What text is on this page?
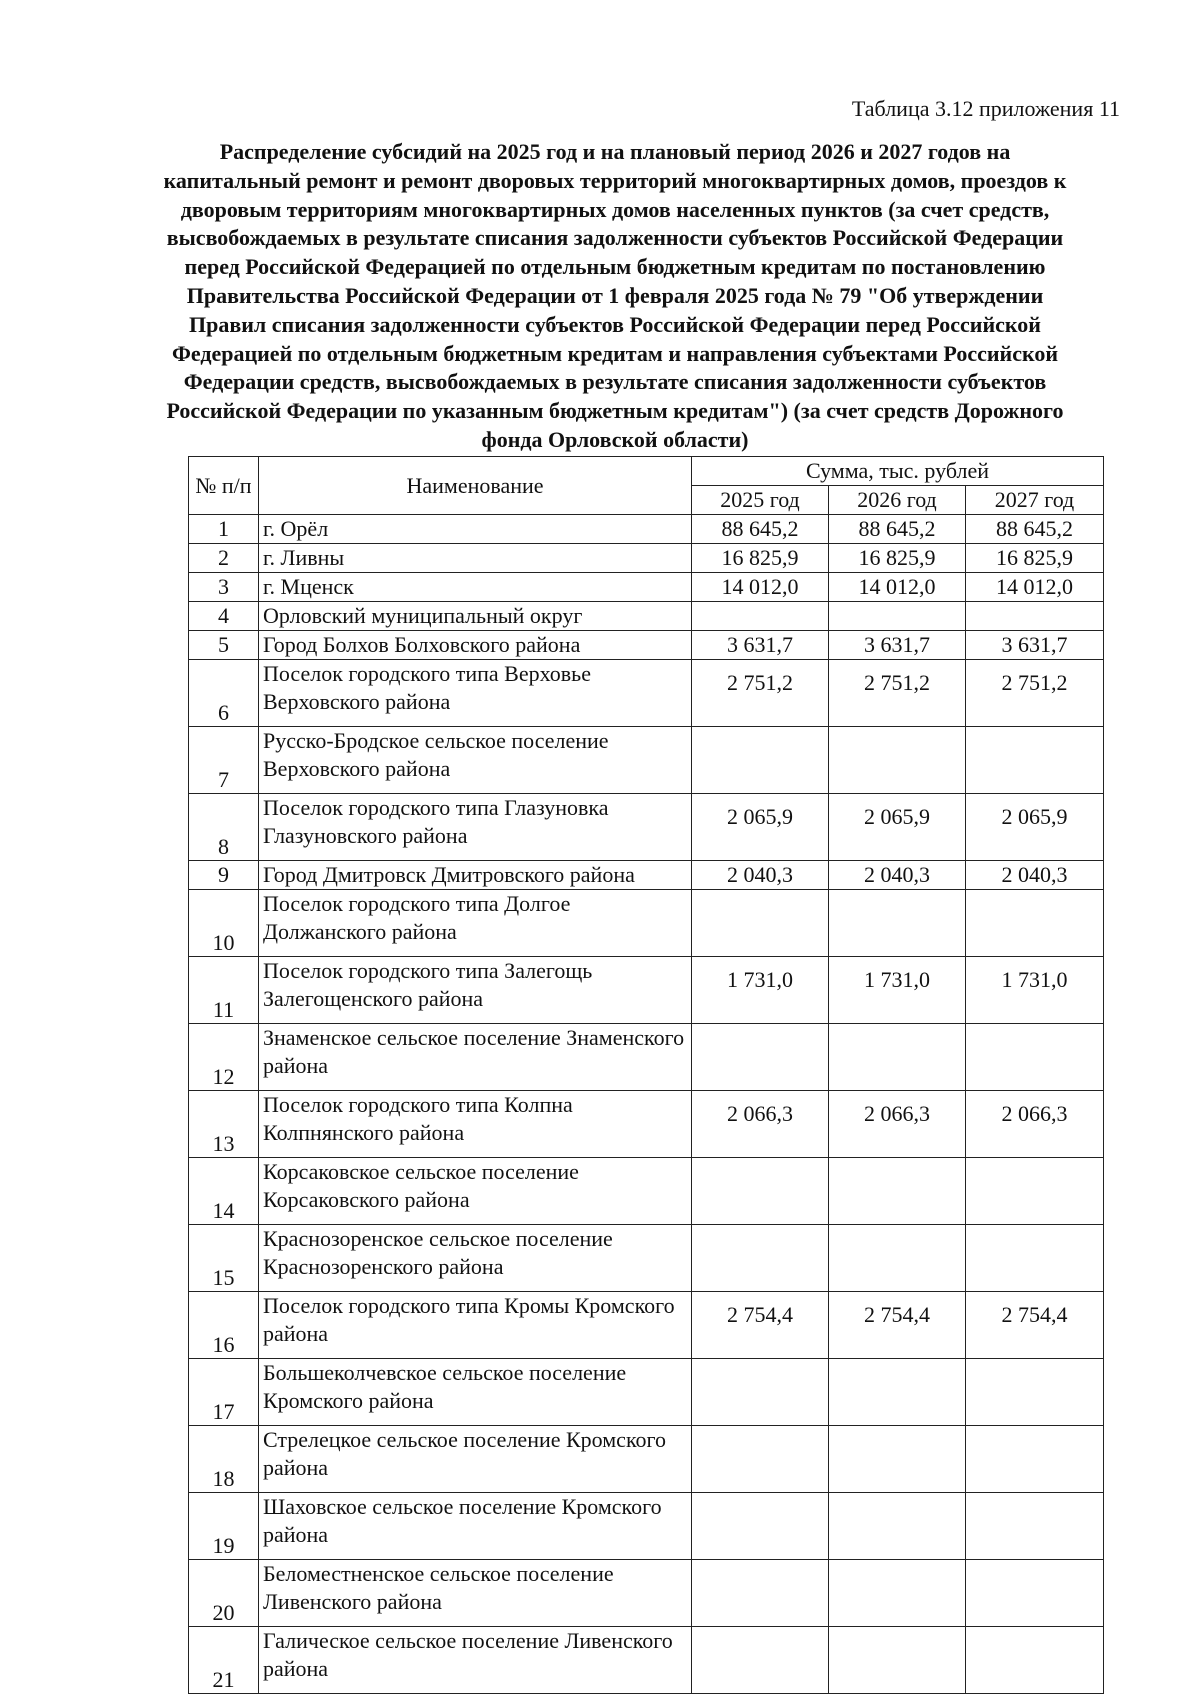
Таблица 3.12 приложения 11
Распределение субсидий на 2025 год и на плановый период 2026 и 2027 годов на капитальный ремонт и ремонт дворовых территорий многоквартирных домов, проездов к дворовым территориям многоквартирных домов населенных пунктов (за счет средств, высвобождаемых в результате списания задолженности субъектов Российской Федерации перед Российской Федерацией по отдельным бюджетным кредитам по постановлению Правительства Российской Федерации от 1 февраля 2025 года № 79 "Об утверждении Правил списания задолженности субъектов Российской Федерации перед Российской Федерацией по отдельным бюджетным кредитам и направления субъектами Российской Федерации средств, высвобождаемых в результате списания задолженности субъектов Российской Федерации по указанным бюджетным кредитам") (за счет средств Дорожного фонда Орловской области)
№ п/п	Наименование	Сумма, тыс. рублей		
		2025 год	2026 год	2027 год
1	г. Орёл	88 645,2	88 645,2	88 645,2
2	г. Ливны	16 825,9	16 825,9	16 825,9
3	г. Мценск	14 012,0	14 012,0	14 012,0
4	Орловский муниципальный округ			
5	Город Болхов Болховского района	3 631,7	3 631,7	3 631,7
6	Поселок городского типа Верховье Верховского района	2 751,2	2 751,2	2 751,2
7	Русско-Бродское сельское поселение Верховского района			
8	Поселок городского типа Глазуновка Глазуновского района	2 065,9	2 065,9	2 065,9
9	Город Дмитровск Дмитровского района	2 040,3	2 040,3	2 040,3
10	Поселок городского типа Долгое Должанского района			
11	Поселок городского типа Залегощь Залегощенского района	1 731,0	1 731,0	1 731,0
12	Знаменское сельское поселение Знаменского района			
13	Поселок городского типа Колпна Колпнянского района	2 066,3	2 066,3	2 066,3
14	Корсаковское сельское поселение Корсаковского района			
15	Краснозоренское сельское поселение Краснозоренского района			
16	Поселок городского типа Кромы Кромского района	2 754,4	2 754,4	2 754,4
17	Большеколчевское сельское поселение Кромского района			
18	Стрелецкое сельское поселение Кромского района			
19	Шаховское сельское поселение Кромского района			
20	Беломестненское сельское поселение Ливенского района			
21	Галическое сельское поселение Ливенского района			
